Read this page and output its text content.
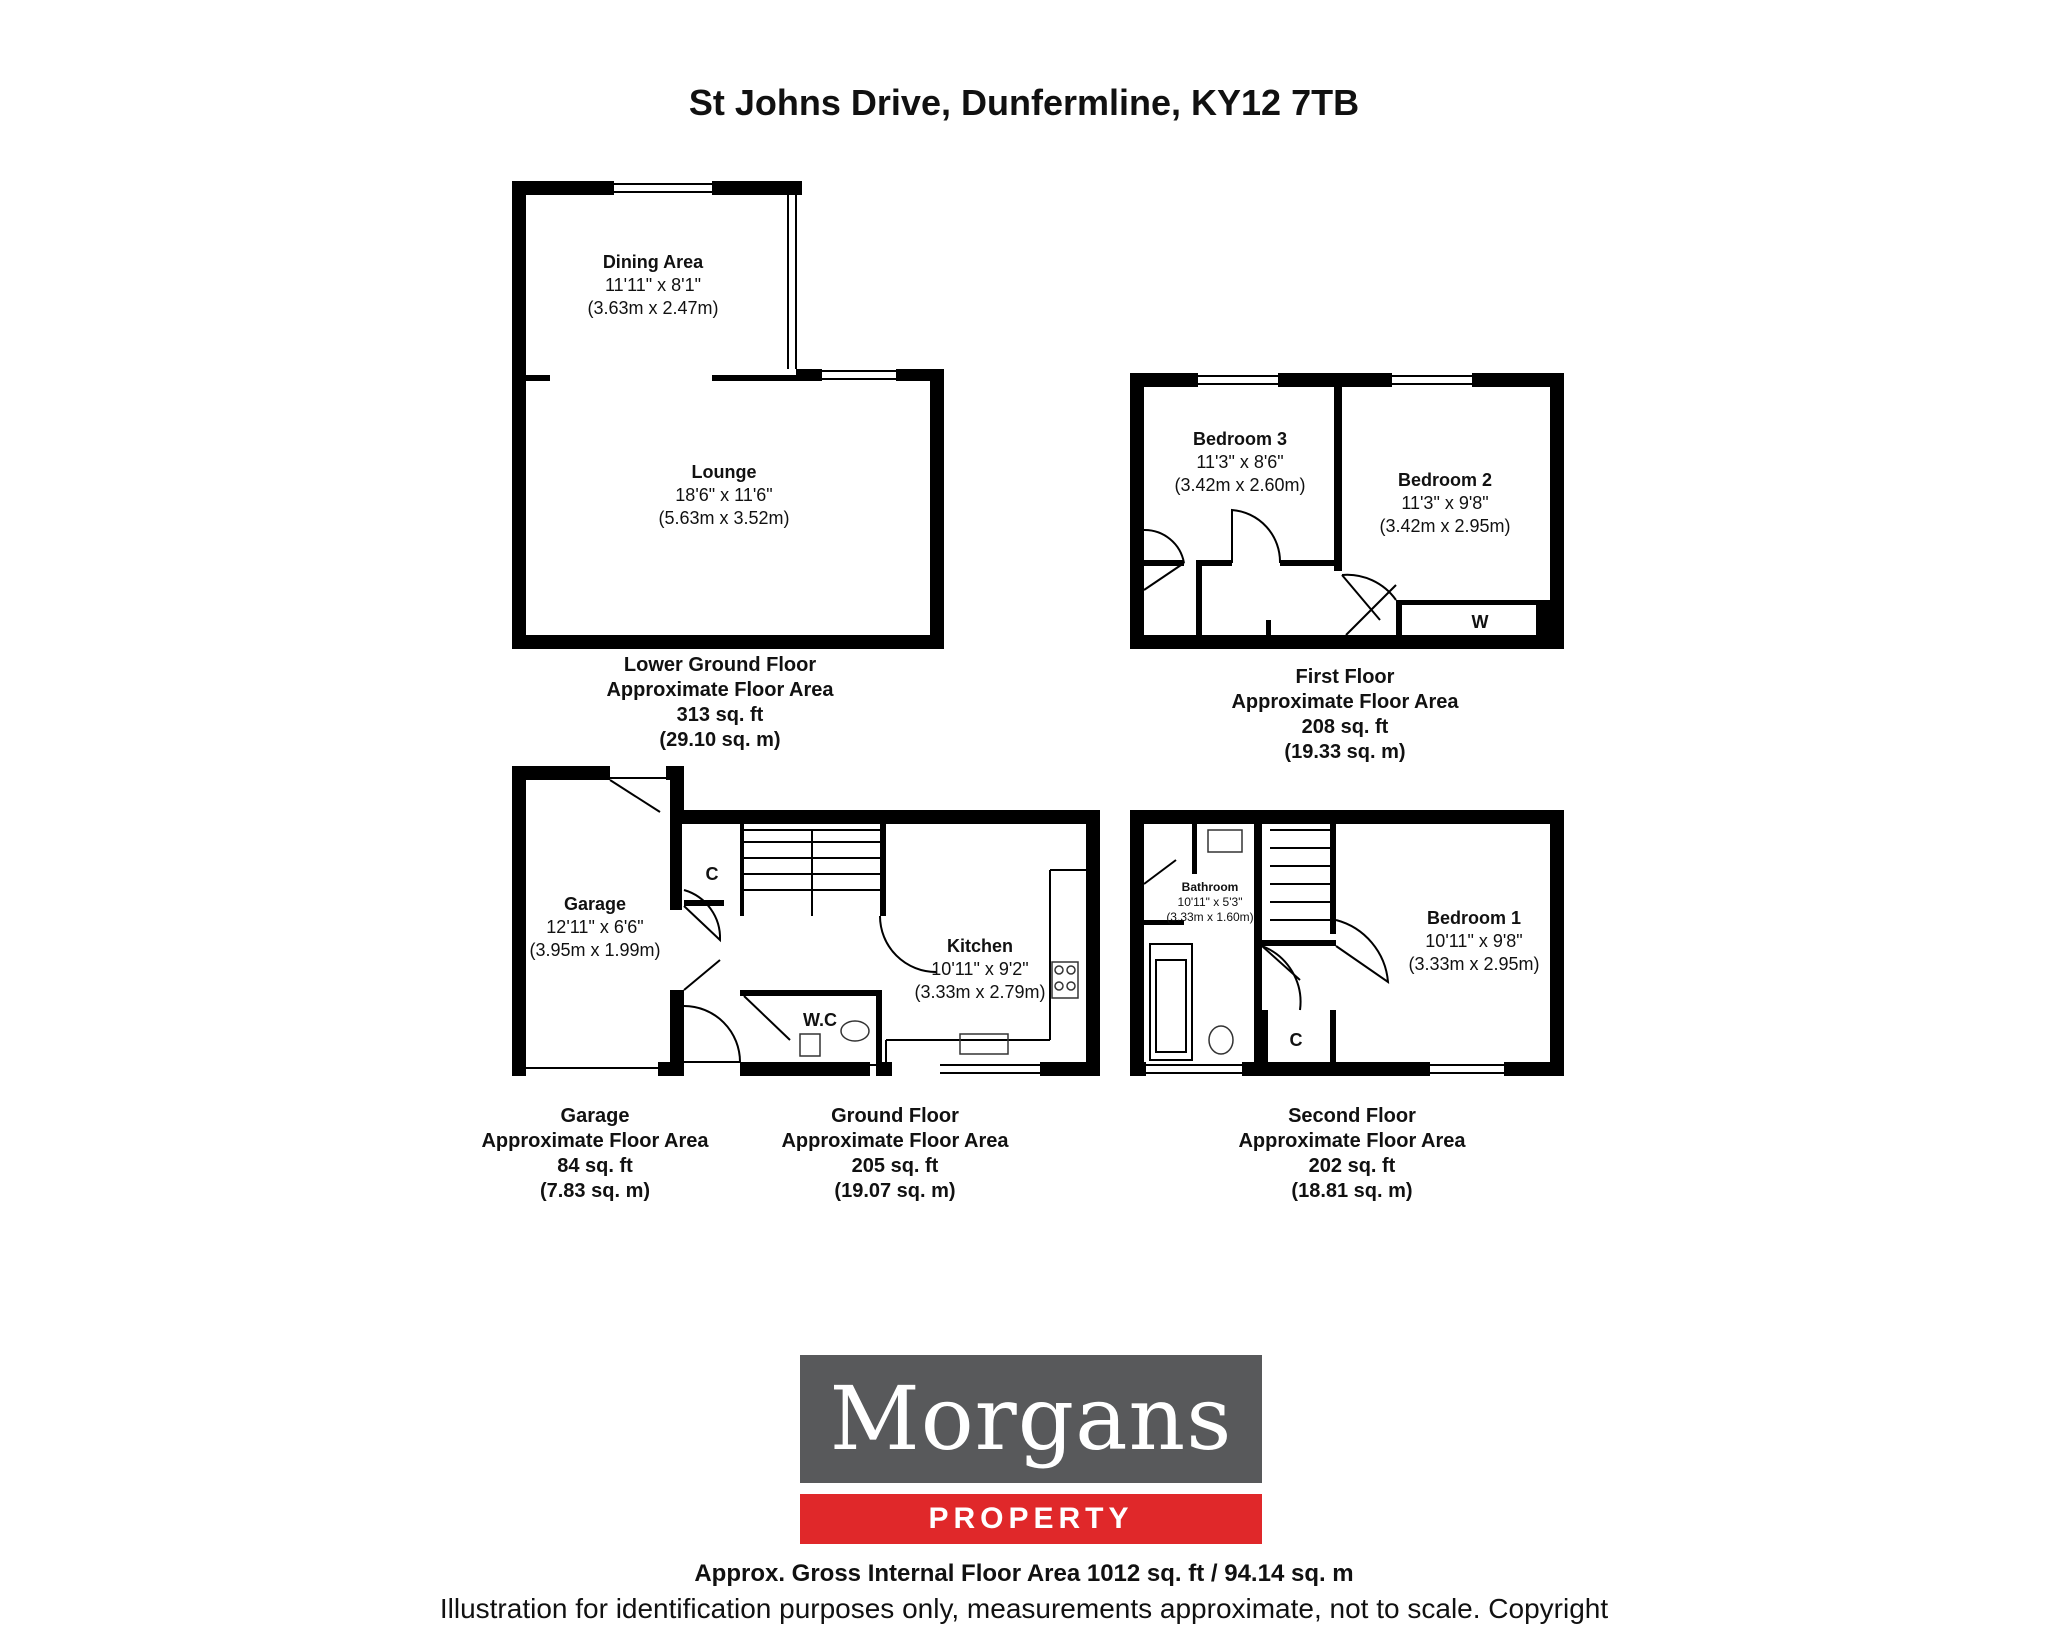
St Johns Drive, Dunfermline, KY12 7TB
Dining Area
11'11" x 8'1"
(3.63m x 2.47m)
Lounge
18'6" x 11'6"
(5.63m x 3.52m)
Bedroom 3
11'3" x 8'6"
(3.42m x 2.60m)	Bedroom 2
11'3" x 9'8"
(3.42m x 2.95m)
W
Garage
12'11" x 6'6"
(3.95m x 1.99m)
C
Kitchen
10'11" x 9'2"
(3.33m x 2.79m)
W.C
Bathroom
10'11" x 5'3"
(3.33m x 1.60m)	Bedroom 1
10'11" x 9'8"
(3.33m x 2.95m)
C
Lower Ground Floor
Approximate Floor Area
313 sq. ft
(29.10 sq. m)
First Floor
Approximate Floor Area
208 sq. ft
(19.33 sq. m)
Garage
Approximate Floor Area
84 sq. ft
(7.83 sq. m)
Ground Floor
Approximate Floor Area
205 sq. ft
(19.07 sq. m)
Second Floor
Approximate Floor Area
202 sq. ft
(18.81 sq. m)
Morgans
PROPERTY
Approx. Gross Internal Floor Area 1012 sq. ft / 94.14 sq. m
Illustration for identification purposes only, measurements approximate, not to scale. Copyright
